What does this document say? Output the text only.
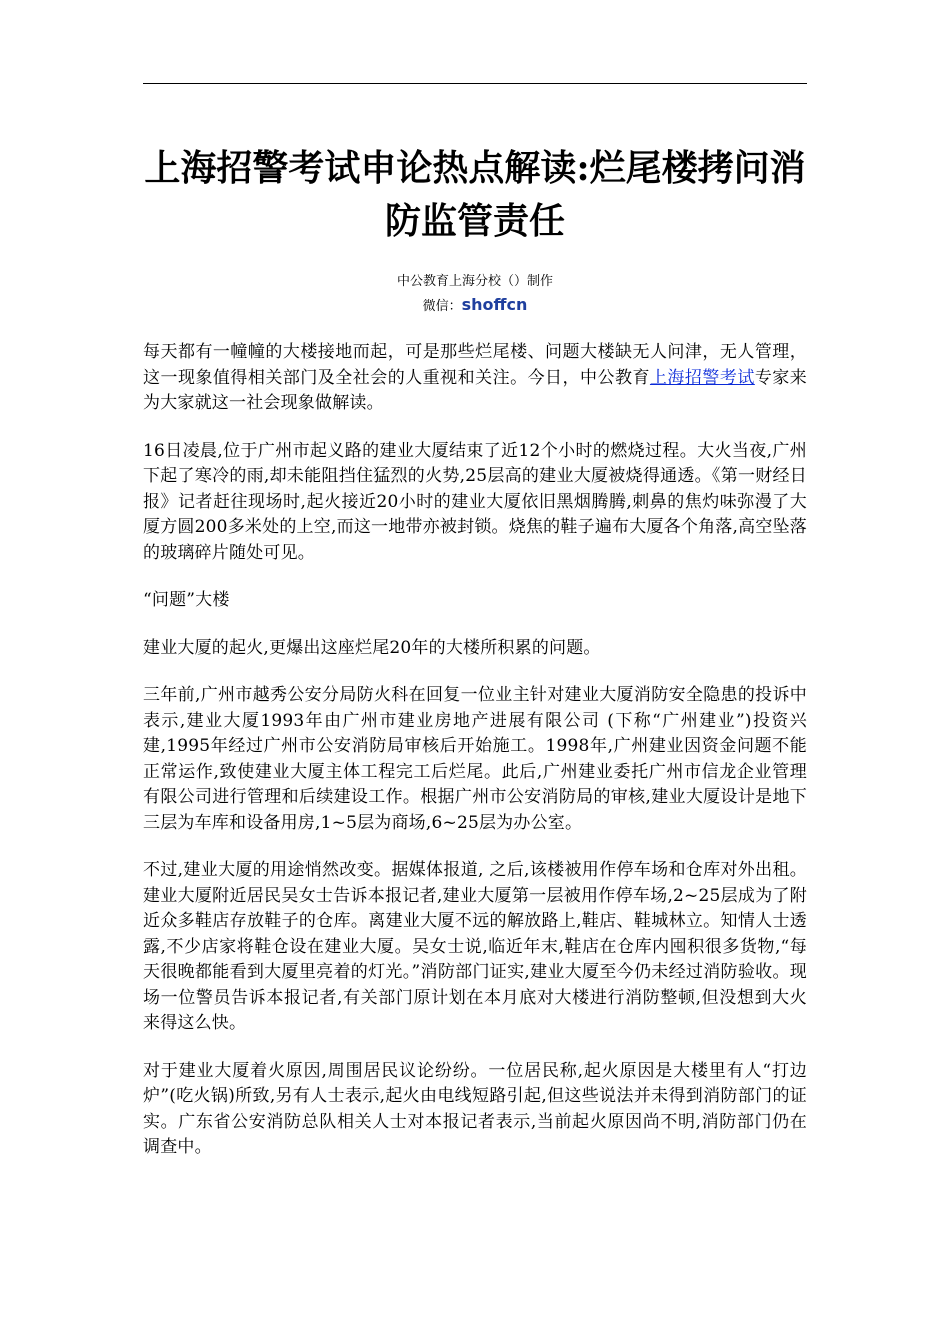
上海招警考试申论热点解读:烂尾楼拷问消防监管责任
中公教育上海分校（）制作
微信：shoffcn

每天都有一幢幢的大楼接地而起，可是那些烂尾楼、问题大楼缺无人问津，无人管理，这一现象值得相关部门及全社会的人重视和关注。今日，中公教育上海招警考试专家来为大家就这一社会现象做解读。

16日凌晨,位于广州市起义路的建业大厦结束了近12个小时的燃烧过程。大火当夜,广州下起了寒冷的雨,却未能阻挡住猛烈的火势,25层高的建业大厦被烧得通透。《第一财经日报》记者赶往现场时,起火接近20小时的建业大厦依旧黑烟腾腾,刺鼻的焦灼味弥漫了大厦方圆200多米处的上空,而这一地带亦被封锁。烧焦的鞋子遍布大厦各个角落,高空坠落的玻璃碎片随处可见。

“问题”大楼

建业大厦的起火,更爆出这座烂尾20年的大楼所积累的问题。

三年前,广州市越秀公安分局防火科在回复一位业主针对建业大厦消防安全隐患的投诉中表示,建业大厦1993年由广州市建业房地产进展有限公司 (下称“广州建业”)投资兴建,1995年经过广州市公安消防局审核后开始施工。1998年,广州建业因资金问题不能正常运作,致使建业大厦主体工程完工后烂尾。此后,广州建业委托广州市信龙企业管理有限公司进行管理和后续建设工作。根据广州市公安消防局的审核,建业大厦设计是地下三层为车库和设备用房,1~5层为商场,6~25层为办公室。

不过,建业大厦的用途悄然改变。据媒体报道, 之后,该楼被用作停车场和仓库对外出租。建业大厦附近居民吴女士告诉本报记者,建业大厦第一层被用作停车场,2~25层成为了附近众多鞋店存放鞋子的仓库。离建业大厦不远的解放路上,鞋店、鞋城林立。知情人士透露,不少店家将鞋仓设在建业大厦。吴女士说,临近年末,鞋店在仓库内囤积很多货物,“每天很晚都能看到大厦里亮着的灯光。”消防部门证实,建业大厦至今仍未经过消防验收。现场一位警员告诉本报记者,有关部门原计划在本月底对大楼进行消防整顿,但没想到大火来得这么快。

对于建业大厦着火原因,周围居民议论纷纷。一位居民称,起火原因是大楼里有人“打边炉”(吃火锅)所致,另有人士表示,起火由电线短路引起,但这些说法并未得到消防部门的证实。广东省公安消防总队相关人士对本报记者表示,当前起火原因尚不明,消防部门仍在调查中。
